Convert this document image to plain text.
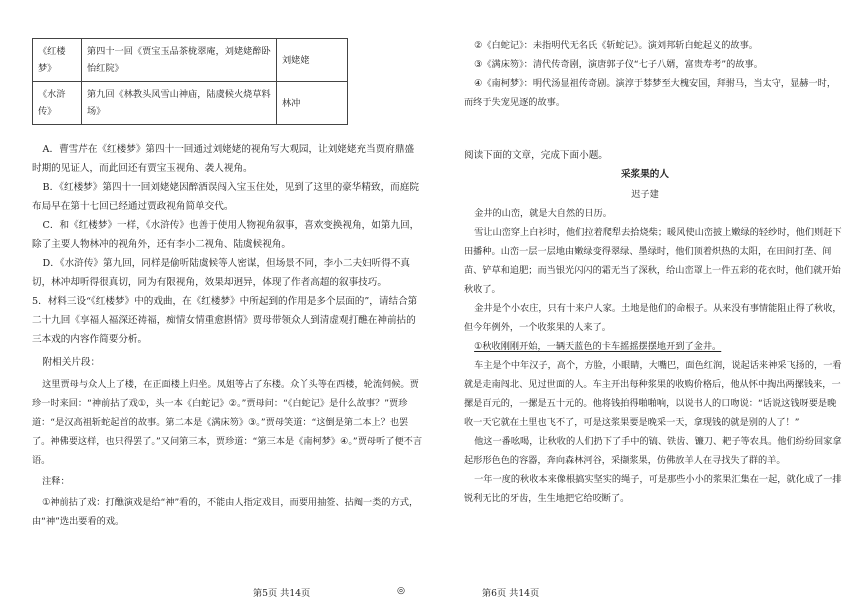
《红楼梦》	第四十一回《贾宝玉品茶栊翠庵，刘姥姥醉卧怡红院》	刘姥姥
《水浒传》	第九回《林教头风雪山神庙，陆虞候火烧草料场》	林冲

A．曹雪芹在《红楼梦》第四十一回通过刘姥姥的视角写大观园，让刘姥姥充当贾府鼎盛时期的见证人，而此回还有贾宝玉视角、袭人视角。

B．《红楼梦》第四十一回刘姥姥因醉酒误闯入宝玉住处，见到了这里的豪华精致，而庭院布局早在第十七回已经通过贾政视角简单交代。

C．和《红楼梦》一样，《水浒传》也善于使用人物视角叙事，喜欢变换视角，如第九回，除了主要人物林冲的视角外，还有李小二视角、陆虞候视角。

D．《水浒传》第九回，同样是偷听陆虞候等人密谋，但场景不同，李小二夫妇听得不真切，林冲却听得很真切，同为有限视角，效果却迥异，体现了作者高超的叙事技巧。

5．材料三设“《红楼梦》中的戏曲，在《红楼梦》中所起到的作用是多个层面的”，请结合第二十九回《享福人福深还祷福，痴情女情重愈斟情》贾母带领众人到清虚观打醮在神前拈的三本戏的内容作简要分析。

附相关片段：

这里贾母与众人上了楼，在正面楼上归坐。凤姐等占了东楼。众丫头等在西楼，轮流伺候。贾珍一时来回：“神前拈了戏①，头一本《白蛇记》②。”贾母问：“《白蛇记》是什么故事？”贾珍道：“是汉高祖斩蛇起首的故事。第二本是《满床笏》③。”贾母笑道：“这倒是第二本上？也罢了。神佛要这样，也只得罢了。”又问第三本，贾珍道：“第三本是《南柯梦》④。”贾母听了便不言语。

注释：

①神前拈了戏：打醮演戏是给“神”看的，不能由人指定戏目，而要用抽签、拈阄一类的方式，由“神”选出要看的戏。

第5页 共14页	◎

②《白蛇记》：未指明代无名氏《斩蛇记》。演刘邦斩白蛇起义的故事。

③《满床笏》：清代传奇剧，演唐郭子仪“七子八婿，富贵寿考”的故事。

④《南柯梦》：明代汤显祖传奇剧。演淳于棼梦至大槐安国，拜驸马，当太守，显赫一时，而终于失宠见逐的故事。

阅读下面的文章，完成下面小题。

采浆果的人
迟子建

金井的山峦，就是大自然的日历。

雪让山峦穿上白衫时，他们拉着爬犁去拾烧柴；暖风使山峦披上嫩绿的轻纱时，他们则赶下田播种。山峦一层一层地由嫩绿变得翠绿、墨绿时，他们顶着炽热的太阳，在田间打垄、间苗、铲草和追肥；而当银光闪闪的霜无当了深秋，给山峦罩上一件五彩的花衣时，他们就开始秋收了。

金井是个小农庄，只有十来户人家。土地是他们的命根子。从来没有事情能阻止得了秋收，但今年例外，一个收浆果的人来了。

①秋收刚刚开始，一辆天蓝色的卡车摇摇摆摆地开到了金井。

车主是个中年汉子，高个，方脸，小眼睛，大嘴巴，面色红润，说起话来神采飞扬的，一看就是走南闯北、见过世面的人。车主开出每种浆果的收购价格后，他从怀中掏出两摞钱来，一摞是百元的，一摞是五十元的。他将钱拍得啪啪响，以说书人的口吻说：“话说这钱呀要是晚收一天它就在土里也飞不了，可是这浆果要是晚采一天，拿现钱的就是别的人了！”

他这一番吆喝，让秋收的人们扔下了手中的镐、铁齿、镰刀、耙子等农具。他们纷纷回家拿起形形色色的容器，奔向森林河谷，采撷浆果，仿佛放羊人在寻找失了群的羊。

一年一度的秋收本来像根搞实坚实的绳子，可是那些小小的浆果汇集在一起，就化成了一排锐利无比的牙齿，生生地把它给咬断了。

第6页 共14页
